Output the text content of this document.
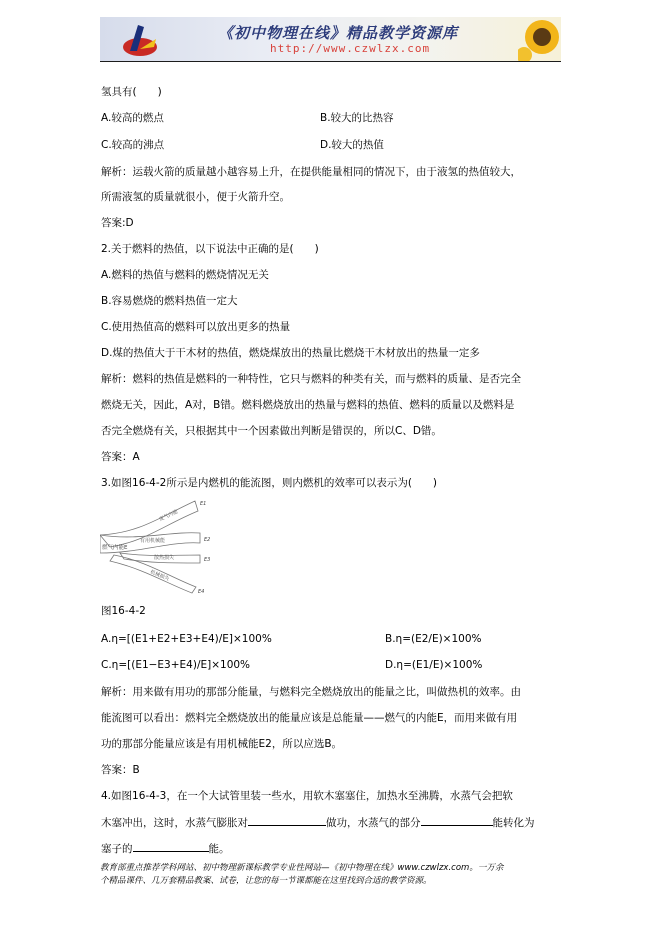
《初中物理在线》精品教学资源库
http://www.czwlzx.com
氢具有(　　)
A.较高的燃点	B.较大的比热容
C.较高的沸点	D.较大的热值
解析：运载火箭的质量越小越容易上升，在提供能量相同的情况下，由于液氢的热值较大，
所需液氢的质量就很小，便于火箭升空。
答案:D
2.关于燃料的热值，以下说法中正确的是(　　)
A.燃料的热值与燃料的燃烧情况无关
B.容易燃烧的燃料热值一定大
C.使用热值高的燃料可以放出更多的热量
D.煤的热值大于干木材的热值，燃烧煤放出的热量比燃烧干木材放出的热量一定多
解析：燃料的热值是燃料的一种特性，它只与燃料的种类有关，而与燃料的质量、是否完全
燃烧无关，因此，A对，B错。燃料燃烧放出的热量与燃料的热值、燃料的质量以及燃料是
否完全燃烧有关，只根据其中一个因素做出判断是错误的，所以C、D错。
答案：A
3.如图16-4-2所示是内燃机的能流图，则内燃机的效率可以表示为(　　)
燃气内能E
废气内能
有用机械能
散热损失
机械损失
E1
E2
E3
E4
图16-4-2
A.η=[(E1+E2+E3+E4)/E]×100%	B.η=(E2/E)×100%
C.η=[(E1−E3+E4)/E]×100%	D.η=(E1/E)×100%
解析：用来做有用功的那部分能量，与燃料完全燃烧放出的能量之比，叫做热机的效率。由
能流图可以看出：燃料完全燃烧放出的能量应该是总能量——燃气的内能E，而用来做有用
功的那部分能量应该是有用机械能E2，所以应选B。
答案：B
4.如图16-4-3，在一个大试管里装一些水，用软木塞塞住，加热水至沸腾，水蒸气会把软
木塞冲出，这时，水蒸气膨胀对	做功，水蒸气的部分	能转化为
塞子的	能。
教育部重点推荐学科网站、初中物理新课标教学专业性网站—《初中物理在线》www.czwlzx.com。一万余
个精品课件、几万套精品教案、试卷，让您的每一节课都能在这里找到合适的教学资源。
